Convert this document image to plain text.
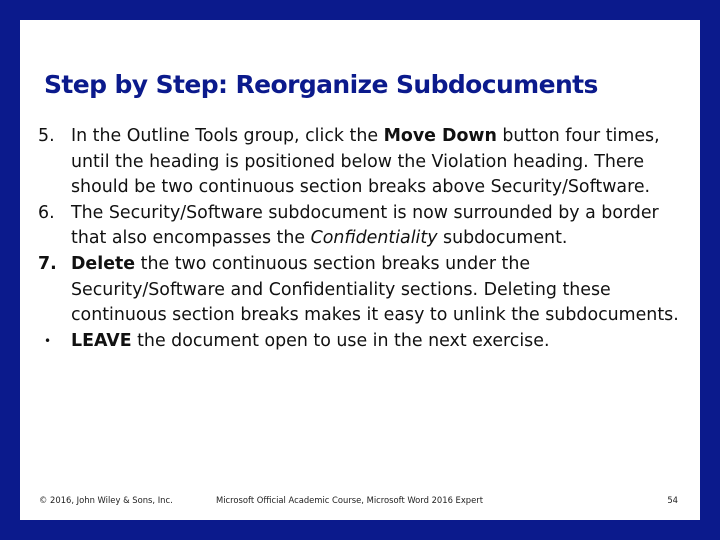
Step by Step: Reorganize Subdocuments
5. In the Outline Tools group, click the Move Down button four times, until the heading is positioned below the Violation heading. There should be two continuous section breaks above Security/Software.
6. The Security/Software subdocument is now surrounded by a border that also encompasses the Confidentiality subdocument.
7. Delete the two continuous section breaks under the Security/Software and Confidentiality sections. Deleting these continuous section breaks makes it easy to unlink the subdocuments.
• LEAVE the document open to use in the next exercise.
© 2016, John Wiley & Sons, Inc.	Microsoft Official Academic Course, Microsoft Word 2016 Expert	54
